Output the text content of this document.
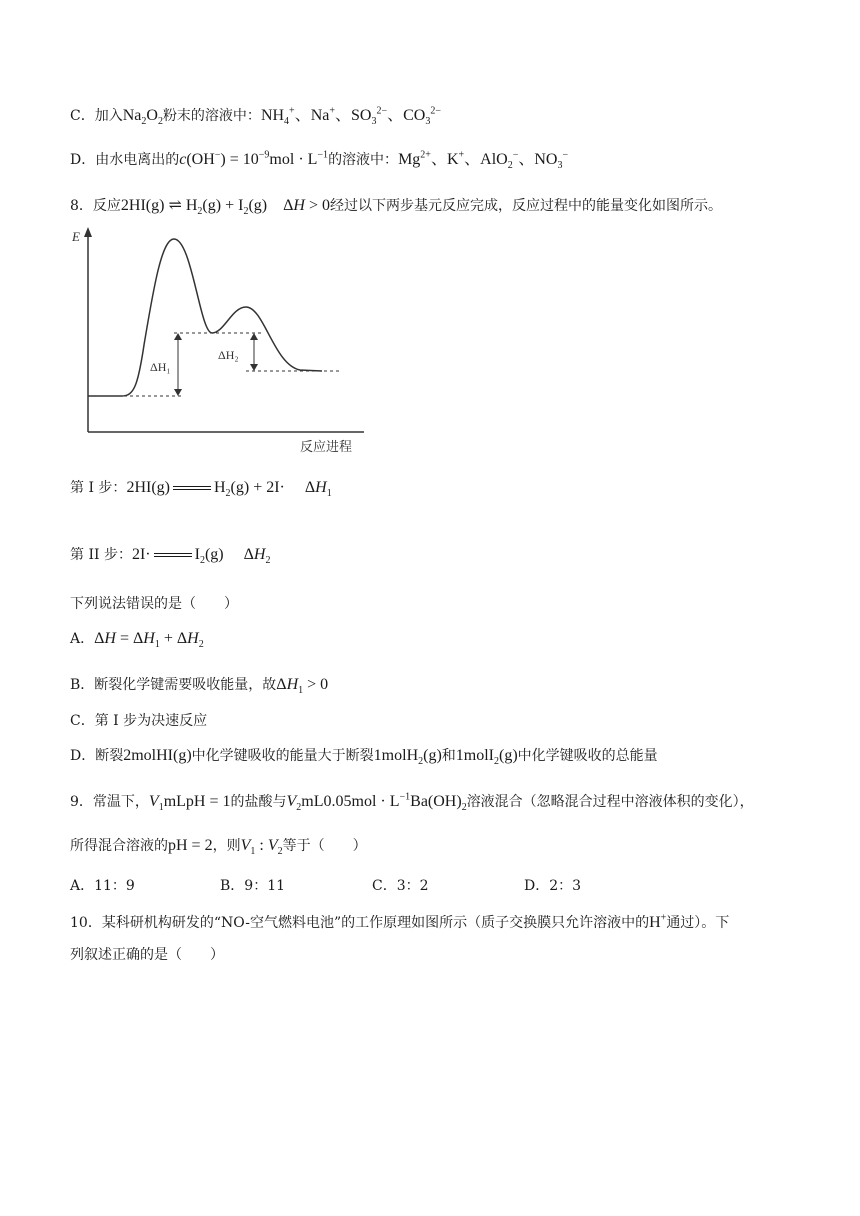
C．加入$Na_2O_2$粉末的溶液中：$NH_4^+$、Na+、$SO_3^{2-}$、$CO_3^{2-}$
D．由水电离出的$c(OH^-) = 10^{-9}mol \cdot L^{-1}$的溶液中：$Mg^{2+}$、K+、AlO$_2$−、$NO_3^-$
8．反应2HI(g) ⇌ $H_2(g) + I_2(g)$    ΔH > 0经过以下两步基元反应完成，反应过程中的能量变化如图所示。
E
反应进程
ΔH₁
ΔH₂
第 I 步：2HI(g)	$H_2(g) + 2I\cdot$     $\Delta H_1$
第 II 步：2I·	$I_2(g)$     $\Delta H_2$
下列说法错误的是（　　）
A．$\Delta H = \Delta H_1 + \Delta H_2$
B．断裂化学键需要吸收能量，故$\Delta H_1 > 0$
C．第 I 步为决速反应
D．断裂2molHI(g)中化学键吸收的能量大于断裂1molH$_2$(g)和1molI$_2$(g)中化学键吸收的总能量
9．常温下，$V_1mLpH = 1$的盐酸与$V_2mL0.05mol \cdot L^{-1}Ba(OH)_2$溶液混合（忽略混合过程中溶液体积的变化），
所得混合溶液的pH = 2，则$V_1$ : $V_2$等于（　　）
A．11：9	B．9：11	C．3：2	D．2：3
10．某科研机构研发的“NO-空气燃料电池”的工作原理如图所示（质子交换膜只允许溶液中的H+通过）。下
列叙述正确的是（　　）
